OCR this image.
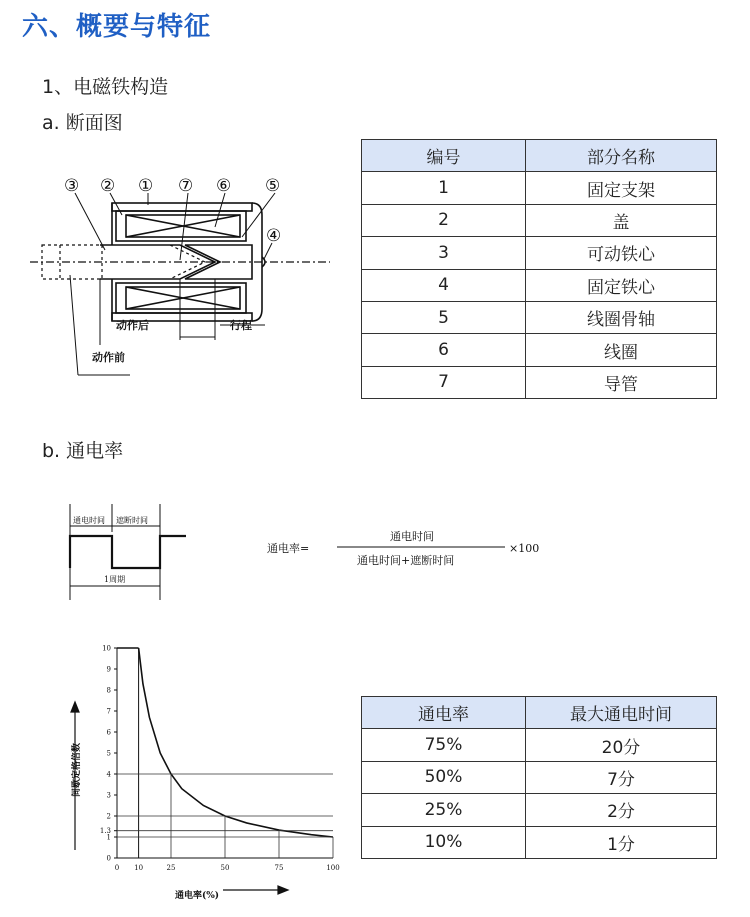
六、概要与特征
1、电磁铁构造
a. 断面图
b. 通电率
③ ② ① ⑦ ⑥ ⑤
④
动作后
动作前
行程
编号	部分名称
1	固定支架
2	盖
3	可动铁心
4	固定铁心
5	线圈骨轴
6	线圈
7	导管
通电时间 遮断时间
1周期
通电率=
通电时间
通电时间+遮断时间
×100
0
1
1.3
2
3
4
5
6
7
8
9
10
0 10	25	50	75	100
通电率(%)
间歇定格倍数
通电率	最大通电时间
75%	20分
50%	7分
25%	2分
10%	1分
